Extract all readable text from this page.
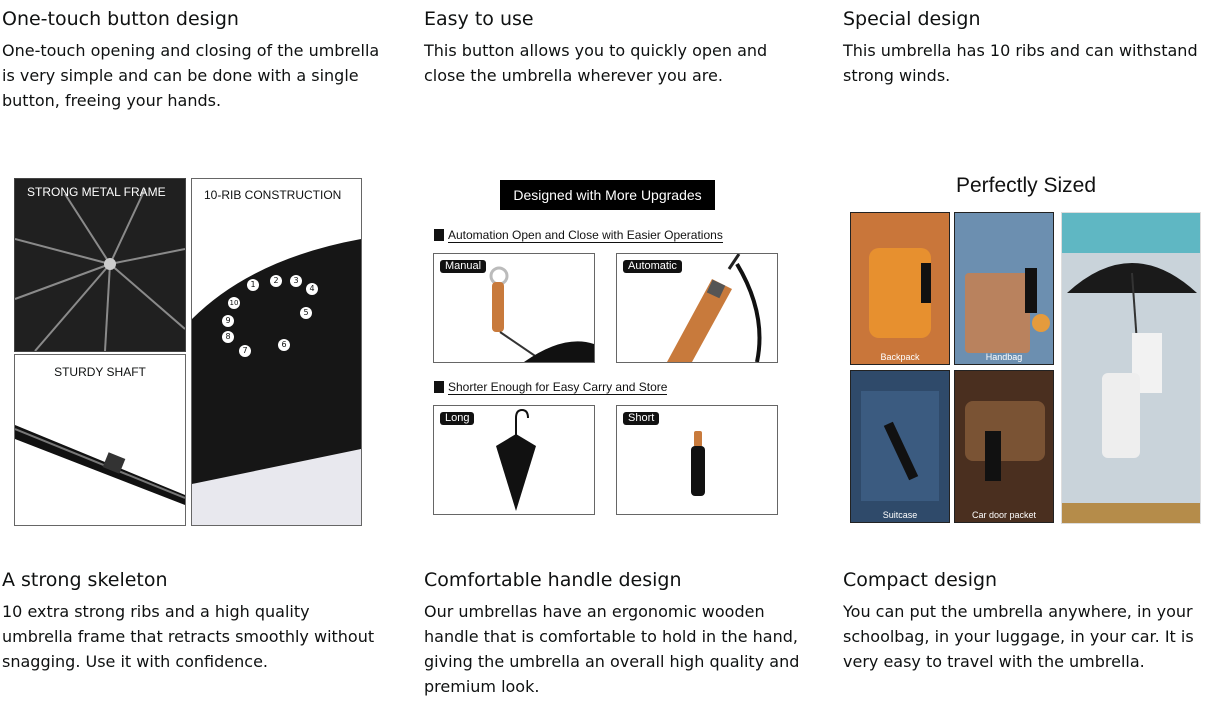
One-touch button design

One-touch opening and closing of the umbrella is very simple and can be done with a single button, freeing your hands.

Easy to use

This button allows you to quickly open and close the umbrella wherever you are.

Special design

This umbrella has 10 ribs and can withstand strong winds.

STRONG METAL FRAME
STURDY SHAFT
10-RIB CONSTRUCTION
1	2	3
4
5
6
7
8
9
10
Designed with More Upgrades
Automation Open and Close with Easier Operations
Manual	Automatic
Shorter Enough for Easy Carry and Store
Long	Short
Perfectly Sized
Backpack	Handbag
Suitcase	Car door packet
A strong skeleton

10 extra strong ribs and a high quality umbrella frame that retracts smoothly without snagging. Use it with confidence.

Comfortable handle design

Our umbrellas have an ergonomic wooden handle that is comfortable to hold in the hand, giving the umbrella an overall high quality and premium look.

Compact design

You can put the umbrella anywhere, in your schoolbag, in your luggage, in your car. It is very easy to travel with the umbrella.
